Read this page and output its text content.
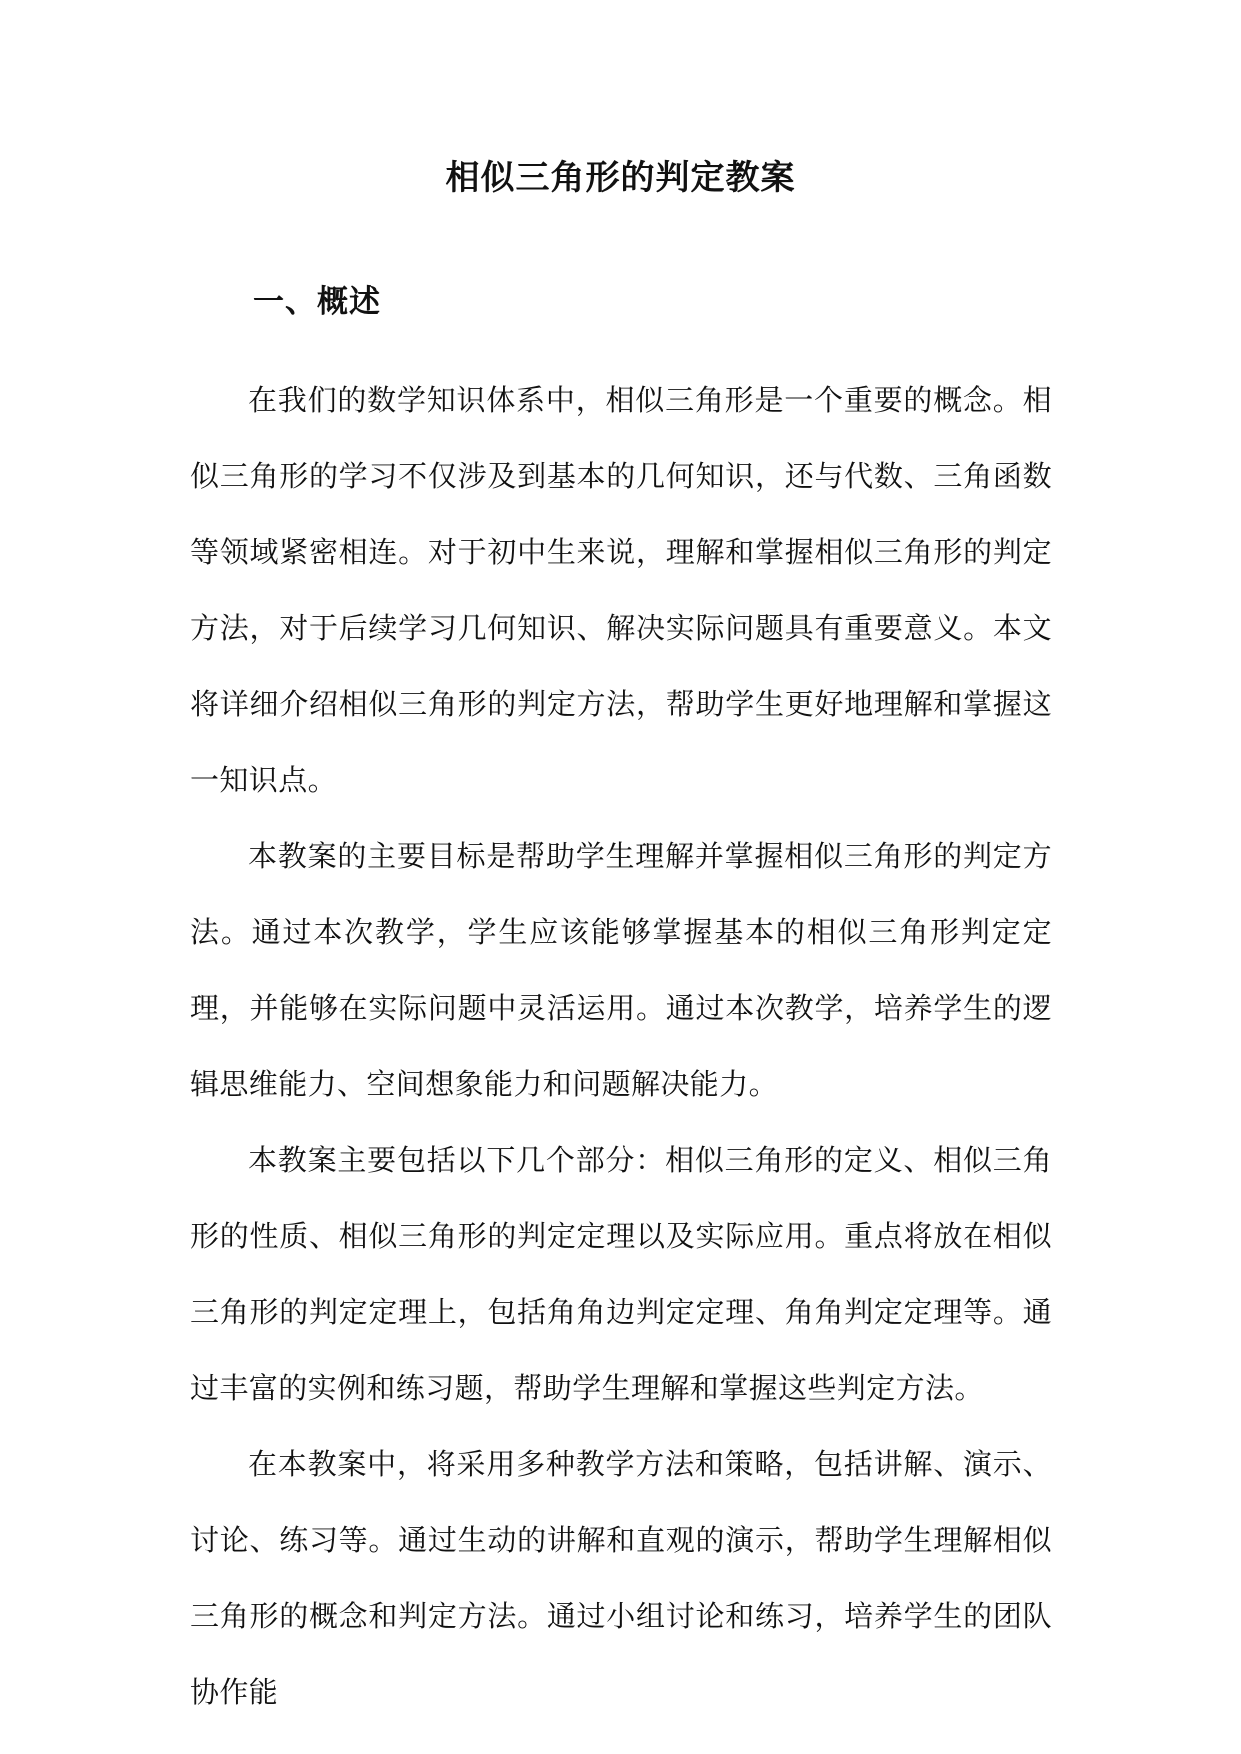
相似三角形的判定教案
一、概述

在我们的数学知识体系中，相似三角形是一个重要的概念。相似三角形的学习不仅涉及到基本的几何知识，还与代数、三角函数等领域紧密相连。对于初中生来说，理解和掌握相似三角形的判定方法，对于后续学习几何知识、解决实际问题具有重要意义。本文将详细介绍相似三角形的判定方法，帮助学生更好地理解和掌握这一知识点。

本教案的主要目标是帮助学生理解并掌握相似三角形的判定方法。通过本次教学，学生应该能够掌握基本的相似三角形判定定理，并能够在实际问题中灵活运用。通过本次教学，培养学生的逻辑思维能力、空间想象能力和问题解决能力。

本教案主要包括以下几个部分：相似三角形的定义、相似三角形的性质、相似三角形的判定定理以及实际应用。重点将放在相似三角形的判定定理上，包括角角边判定定理、角角判定定理等。通过丰富的实例和练习题，帮助学生理解和掌握这些判定方法。

在本教案中，将采用多种教学方法和策略，包括讲解、演示、讨论、练习等。通过生动的讲解和直观的演示，帮助学生理解相似三角形的概念和判定方法。通过小组讨论和练习，培养学生的团队协作能
